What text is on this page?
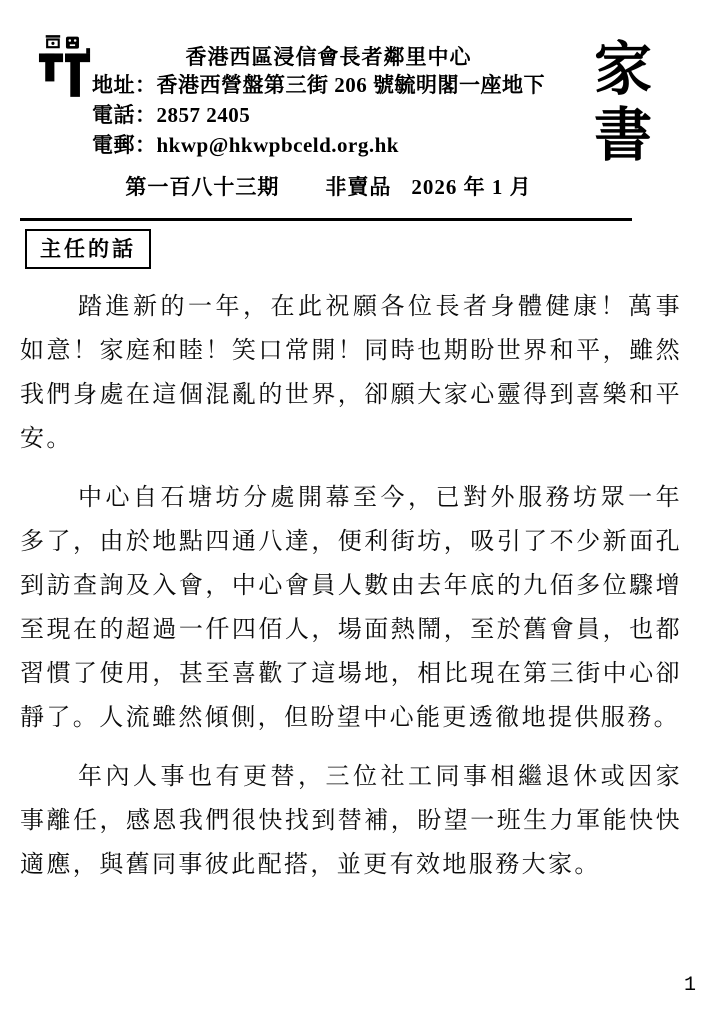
香港西區浸信會長者鄰里中心
地址：香港西營盤第三街 206 號毓明閣一座地下
電話：2857 2405
電郵：hkwp@hkwpbceld.org.hk
第一百八十三期 非賣品 2026 年 1 月
家書
主任的話

踏進新的一年，在此祝願各位長者身體健康！萬事如意！家庭和睦！笑口常開！同時也期盼世界和平，雖然我們身處在這個混亂的世界，卻願大家心靈得到喜樂和平安。

中心自石塘坊分處開幕至今，已對外服務坊眾一年多了，由於地點四通八達，便利街坊，吸引了不少新面孔到訪查詢及入會，中心會員人數由去年底的九佰多位驟增至現在的超過一仟四佰人，場面熱鬧，至於舊會員，也都習慣了使用，甚至喜歡了這場地，相比現在第三街中心卻靜了。人流雖然傾側，但盼望中心能更透徹地提供服務。

年內人事也有更替，三位社工同事相繼退休或因家事離任，感恩我們很快找到替補，盼望一班生力軍能快快適應，與舊同事彼此配搭，並更有效地服務大家。

1
